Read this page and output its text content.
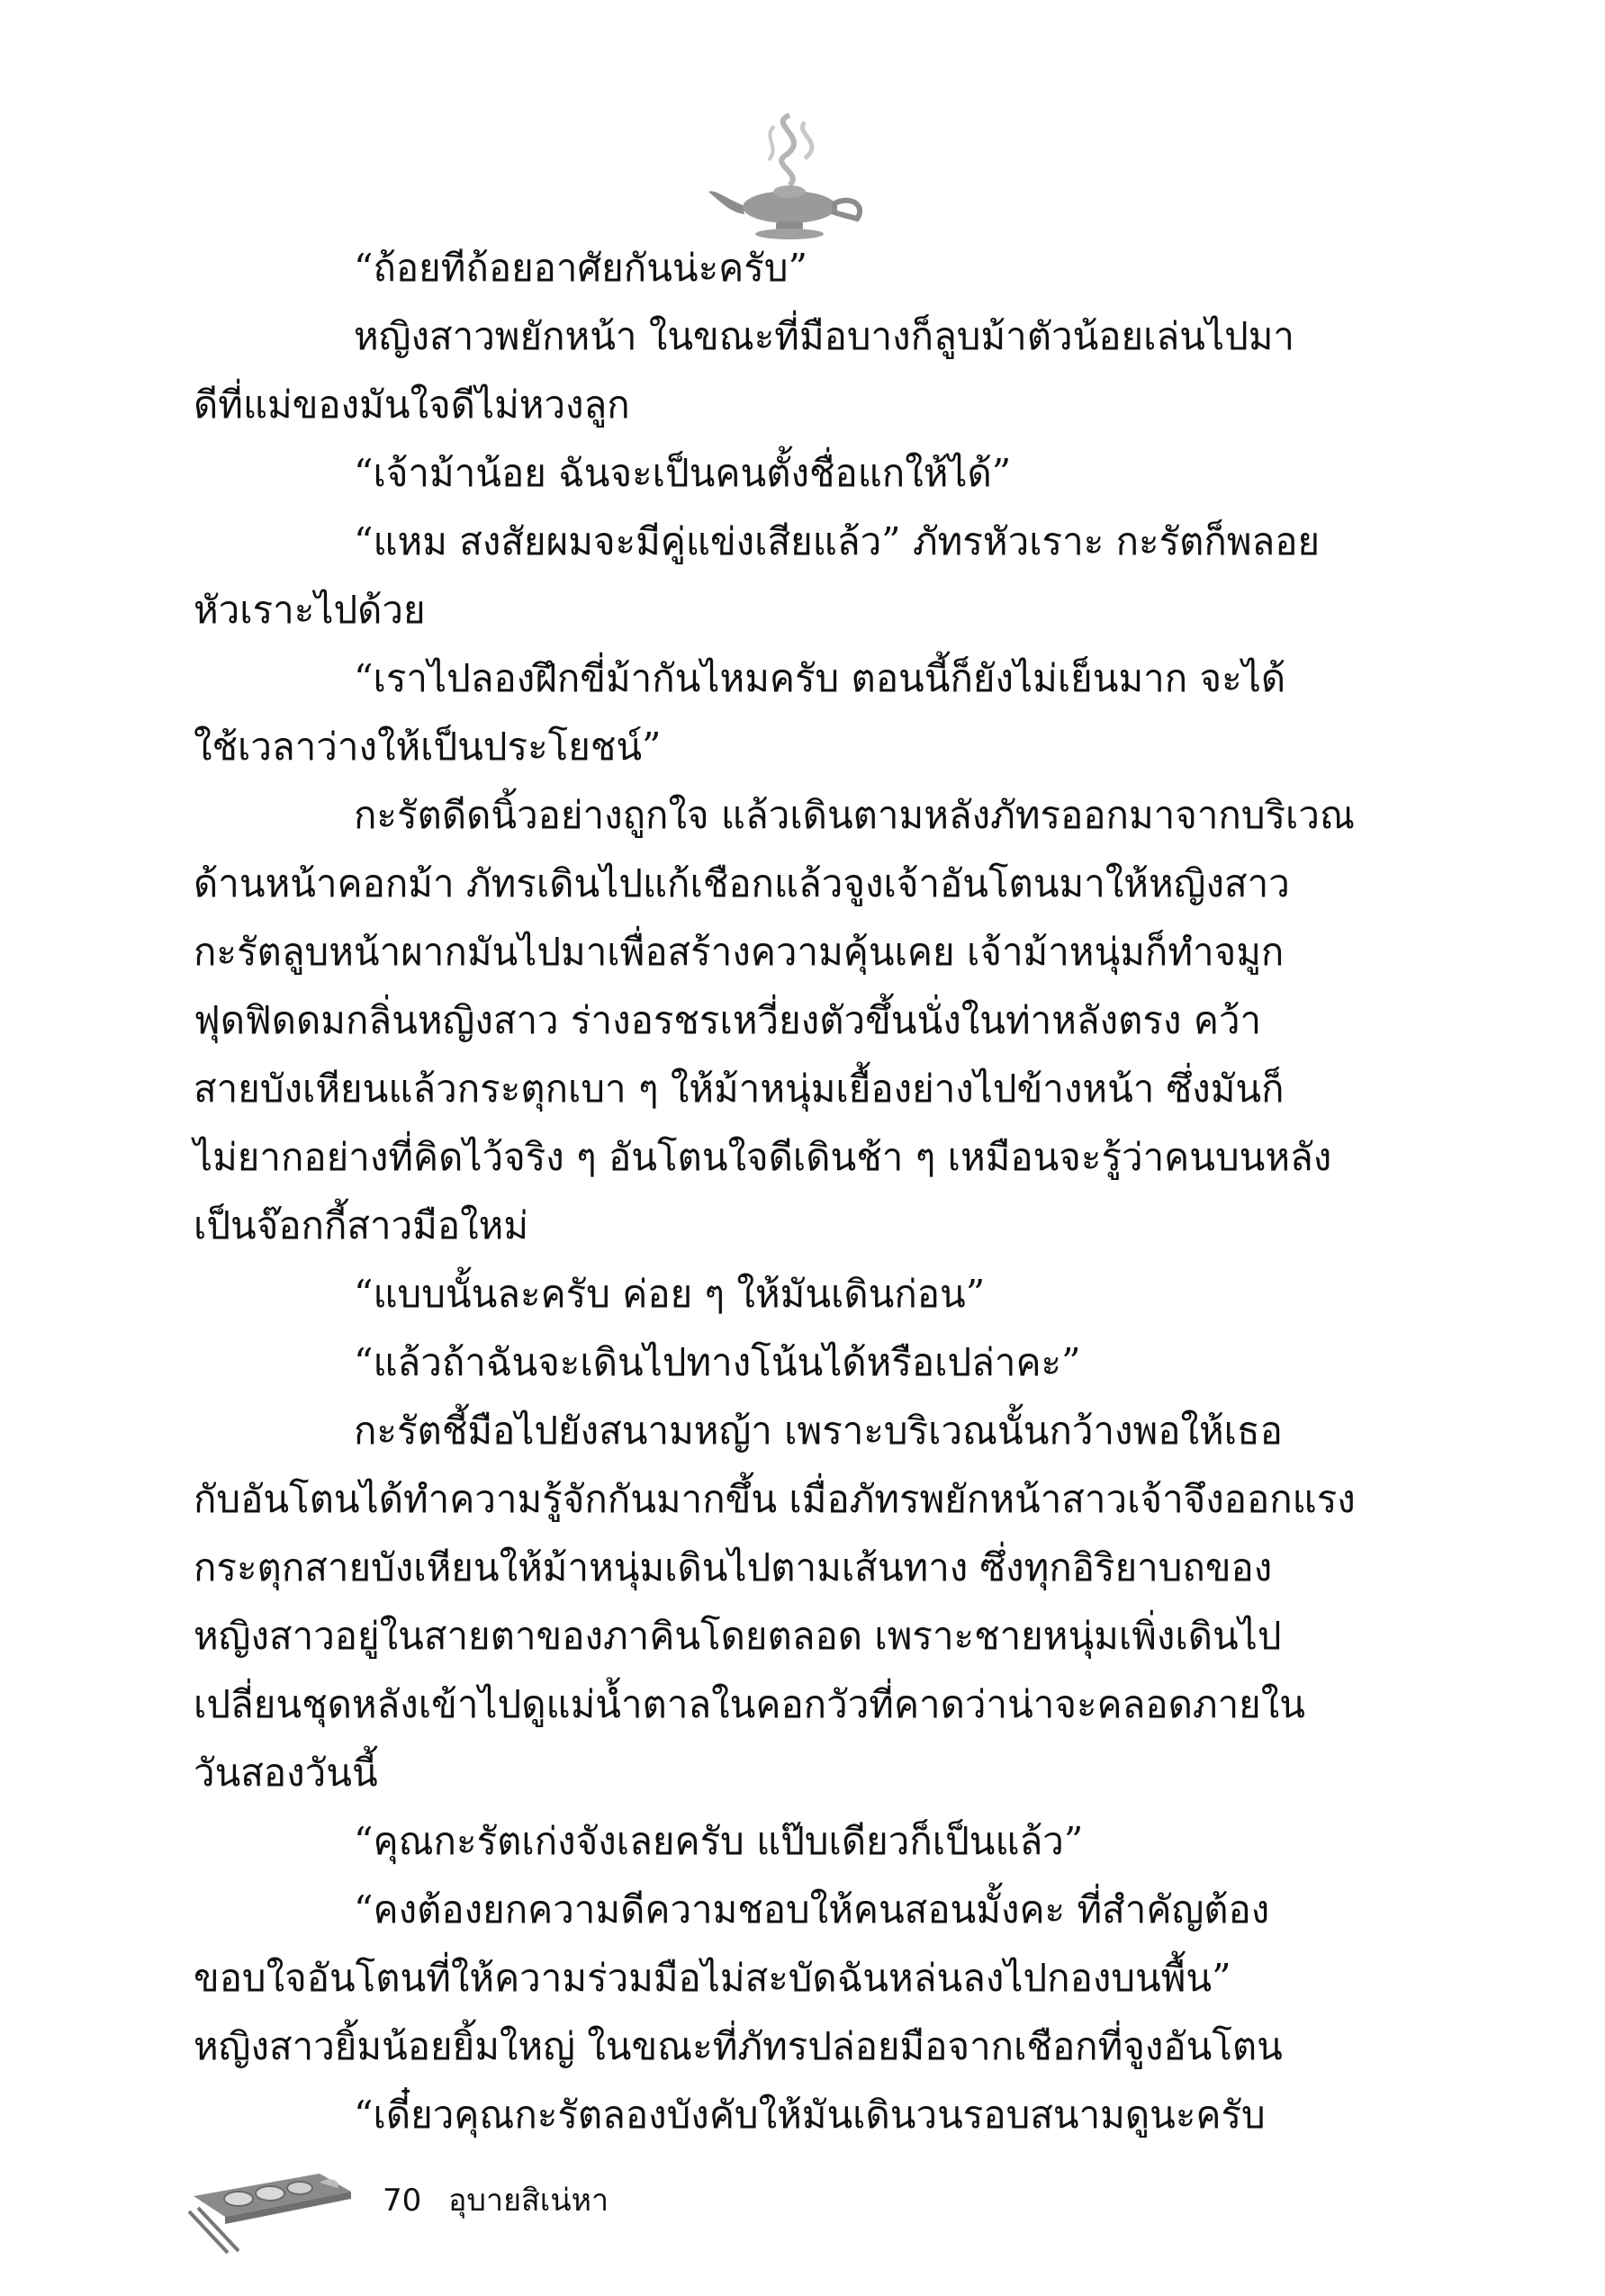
“ถ้อยทีถ้อยอาศัยกันน่ะครับ”
หญิงสาวพยักหน้า ในขณะที่มือบางก็ลูบม้าตัวน้อยเล่นไปมา
ดีที่แม่ของมันใจดีไม่หวงลูก
“เจ้าม้าน้อย ฉันจะเป็นคนตั้งชื่อแกให้ได้”
“แหม สงสัยผมจะมีคู่แข่งเสียแล้ว” ภัทรหัวเราะ กะรัตก็พลอย
หัวเราะไปด้วย
“เราไปลองฝึกขี่ม้ากันไหมครับ ตอนนี้ก็ยังไม่เย็นมาก จะได้
ใช้เวลาว่างให้เป็นประโยชน์”
กะรัตดีดนิ้วอย่างถูกใจ แล้วเดินตามหลังภัทรออกมาจากบริเวณ
ด้านหน้าคอกม้า ภัทรเดินไปแก้เชือกแล้วจูงเจ้าอันโตนมาให้หญิงสาว
กะรัตลูบหน้าผากมันไปมาเพื่อสร้างความคุ้นเคย เจ้าม้าหนุ่มก็ทำจมูก
ฟุดฟิดดมกลิ่นหญิงสาว ร่างอรชรเหวี่ยงตัวขึ้นนั่งในท่าหลังตรง คว้า
สายบังเหียนแล้วกระตุกเบา ๆ ให้ม้าหนุ่มเยื้องย่างไปข้างหน้า ซึ่งมันก็
ไม่ยากอย่างที่คิดไว้จริง ๆ อันโตนใจดีเดินช้า ๆ เหมือนจะรู้ว่าคนบนหลัง
เป็นจ๊อกกี้สาวมือใหม่
“แบบนั้นละครับ ค่อย ๆ ให้มันเดินก่อน”
“แล้วถ้าฉันจะเดินไปทางโน้นได้หรือเปล่าคะ”
กะรัตชี้มือไปยังสนามหญ้า เพราะบริเวณนั้นกว้างพอให้เธอ
กับอันโตนได้ทำความรู้จักกันมากขึ้น เมื่อภัทรพยักหน้าสาวเจ้าจึงออกแรง
กระตุกสายบังเหียนให้ม้าหนุ่มเดินไปตามเส้นทาง ซึ่งทุกอิริยาบถของ
หญิงสาวอยู่ในสายตาของภาคินโดยตลอด เพราะชายหนุ่มเพิ่งเดินไป
เปลี่ยนชุดหลังเข้าไปดูแม่น้ำตาลในคอกวัวที่คาดว่าน่าจะคลอดภายใน
วันสองวันนี้
“คุณกะรัตเก่งจังเลยครับ แป๊บเดียวก็เป็นแล้ว”
“คงต้องยกความดีความชอบให้คนสอนมั้งคะ ที่สำคัญต้อง
ขอบใจอันโตนที่ให้ความร่วมมือไม่สะบัดฉันหล่นลงไปกองบนพื้น”
หญิงสาวยิ้มน้อยยิ้มใหญ่ ในขณะที่ภัทรปล่อยมือจากเชือกที่จูงอันโตน
“เดี๋ยวคุณกะรัตลองบังคับให้มันเดินวนรอบสนามดูนะครับ
70 อุบายสิเน่หา
